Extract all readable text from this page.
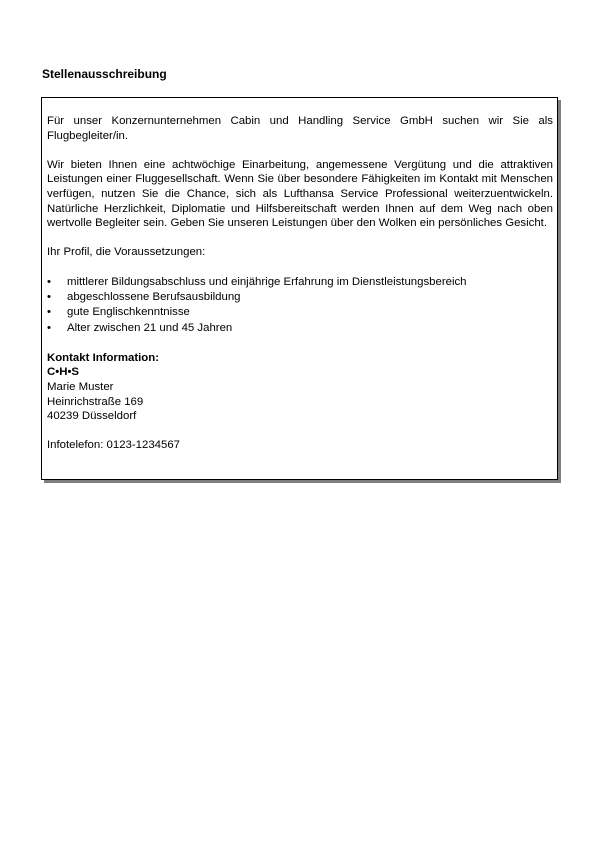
Stellenausschreibung

Für unser Konzernunternehmen Cabin und Handling Service GmbH suchen wir Sie als Flugbegleiter/in.

Wir bieten Ihnen eine achtwöchige Einarbeitung, angemessene Vergütung und die attraktiven Leistungen einer Fluggesellschaft. Wenn Sie über besondere Fähigkeiten im Kontakt mit Menschen verfügen, nutzen Sie die Chance, sich als Lufthansa Service Professional weiterzuentwickeln. Natürliche Herzlichkeit, Diplomatie und Hilfsbereitschaft werden Ihnen auf dem Weg nach oben wertvolle Begleiter sein. Geben Sie unseren Leistungen über den Wolken ein persönliches Gesicht.

Ihr Profil, die Voraussetzungen:

• mittlerer Bildungsabschluss und einjährige Erfahrung im Dienstleistungsbereich
• abgeschlossene Berufsausbildung
• gute Englischkenntnisse
• Alter zwischen 21 und 45 Jahren
Kontakt Information:
C•H•S
Marie Muster
Heinrichstraße 169
40239 Düsseldorf
Infotelefon: 0123-1234567
